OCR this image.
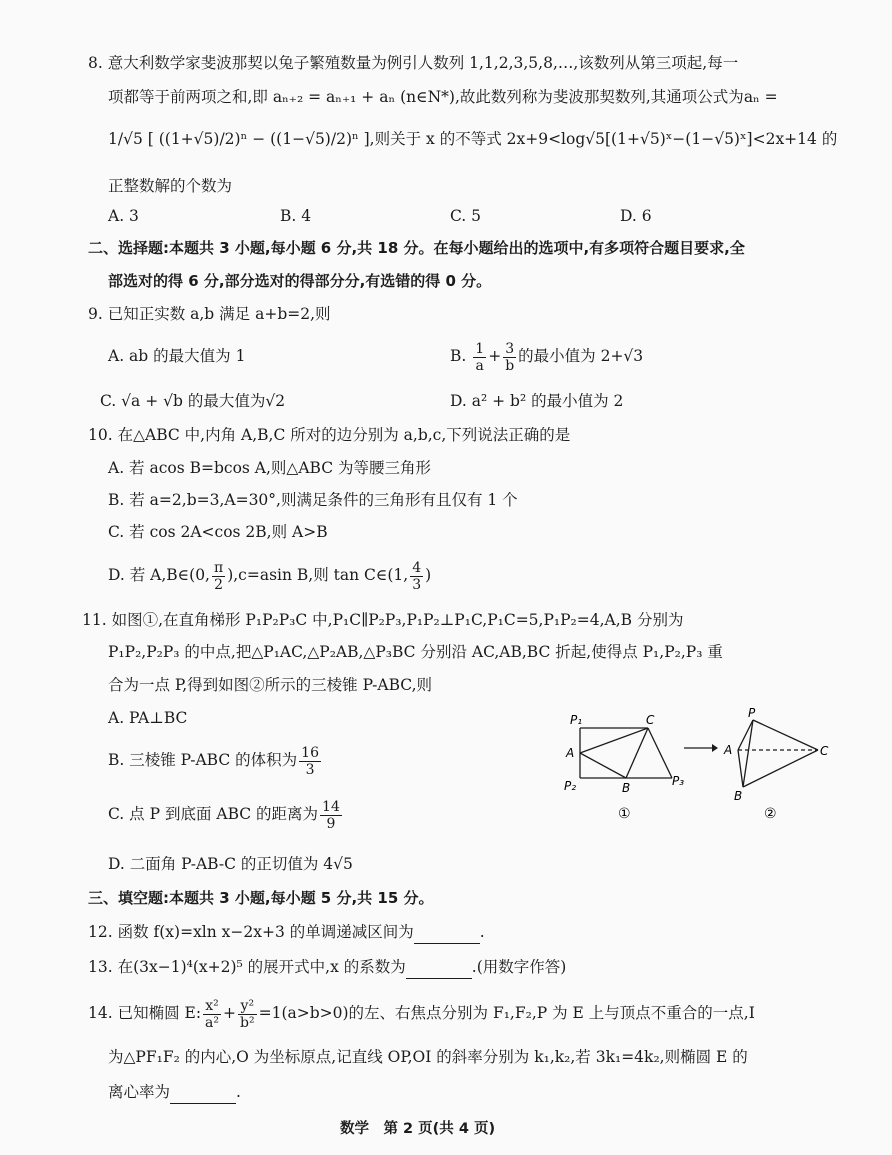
8. 意大利数学家斐波那契以兔子繁殖数量为例引人数列 1,1,2,3,5,8,…,该数列从第三项起,每一
项都等于前两项之和,即 aₙ₊₂ = aₙ₊₁ + aₙ (n∈N*),故此数列称为斐波那契数列,其通项公式为aₙ =
1/√5 [ ((1+√5)/2)ⁿ − ((1−√5)/2)ⁿ ],则关于 x 的不等式 2x+9<log√5[(1+√5)ˣ−(1−√5)ˣ]<2x+14 的
正整数解的个数为
A. 3	B. 4	C. 5	D. 6
二、选择题:本题共 3 小题,每小题 6 分,共 18 分。在每小题给出的选项中,有多项符合题目要求,全
部选对的得 6 分,部分选对的得部分分,有选错的得 0 分。
9. 已知正实数 a,b 满足 a+b=2,则
A. ab 的最大值为 1	B. $\frac{1}{a} + \frac{3}{b}$ 的最小值为 2+√3
C. √a + √b 的最大值为√2	D. a² + b² 的最小值为 2
10. 在△ABC 中,内角 A,B,C 所对的边分别为 a,b,c,下列说法正确的是
A. 若 acos B=bcos A,则△ABC 为等腰三角形
B. 若 a=2,b=3,A=30°,则满足条件的三角形有且仅有 1 个
C. 若 cos 2A<cos 2B,则 A>B
D. 若 A,B∈(0, $\frac{\pi}{2} ),c=asin$ B,则 tan C∈(1, $\frac{4}{3}$ )
11. 如图①,在直角梯形 P₁P₂P₃C 中,P₁C∥P₂P₃,P₁P₂⊥P₁C,P₁C=5,P₁P₂=4,A,B 分别为
P₁P₂,P₂P₃ 的中点,把△P₁AC,△P₂AB,△P₃BC 分别沿 AC,AB,BC 折起,使得点 P₁,P₂,P₃ 重
合为一点 P,得到如图②所示的三棱锥 P-ABC,则
A. PA⊥BC
B. 三棱锥 P-ABC 的体积为 $\frac{16}{3}$
C. 点 P 到底面 ABC 的距离为 $\frac{14}{9}$
D. 二面角 P-AB-C 的正切值为 4√5
P₁
A
P₂
C
B	P₃
①
P
A	C
B
②
三、填空题:本题共 3 小题,每小题 5 分,共 15 分。
12. 函数 f(x)=xln x−2x+3 的单调递减区间为	.
13. 在(3x−1)⁴(x+2)⁵ 的展开式中,x 的系数为	.(用数字作答)
14. 已知椭圆 E: $\frac{\text{x²}}{\text{a²}} + \frac{\text{y²}}{\text{b²}} =1(a>b>0)$的左、右焦点分别为 F₁,F₂,P 为 E 上与顶点不重合的一点,I
为△PF₁F₂ 的内心,O 为坐标原点,记直线 OP,OI 的斜率分别为 k₁,k₂,若 3k₁=4k₂,则椭圆 E 的
离心率为	.
数学　第 2 页(共 4 页)
